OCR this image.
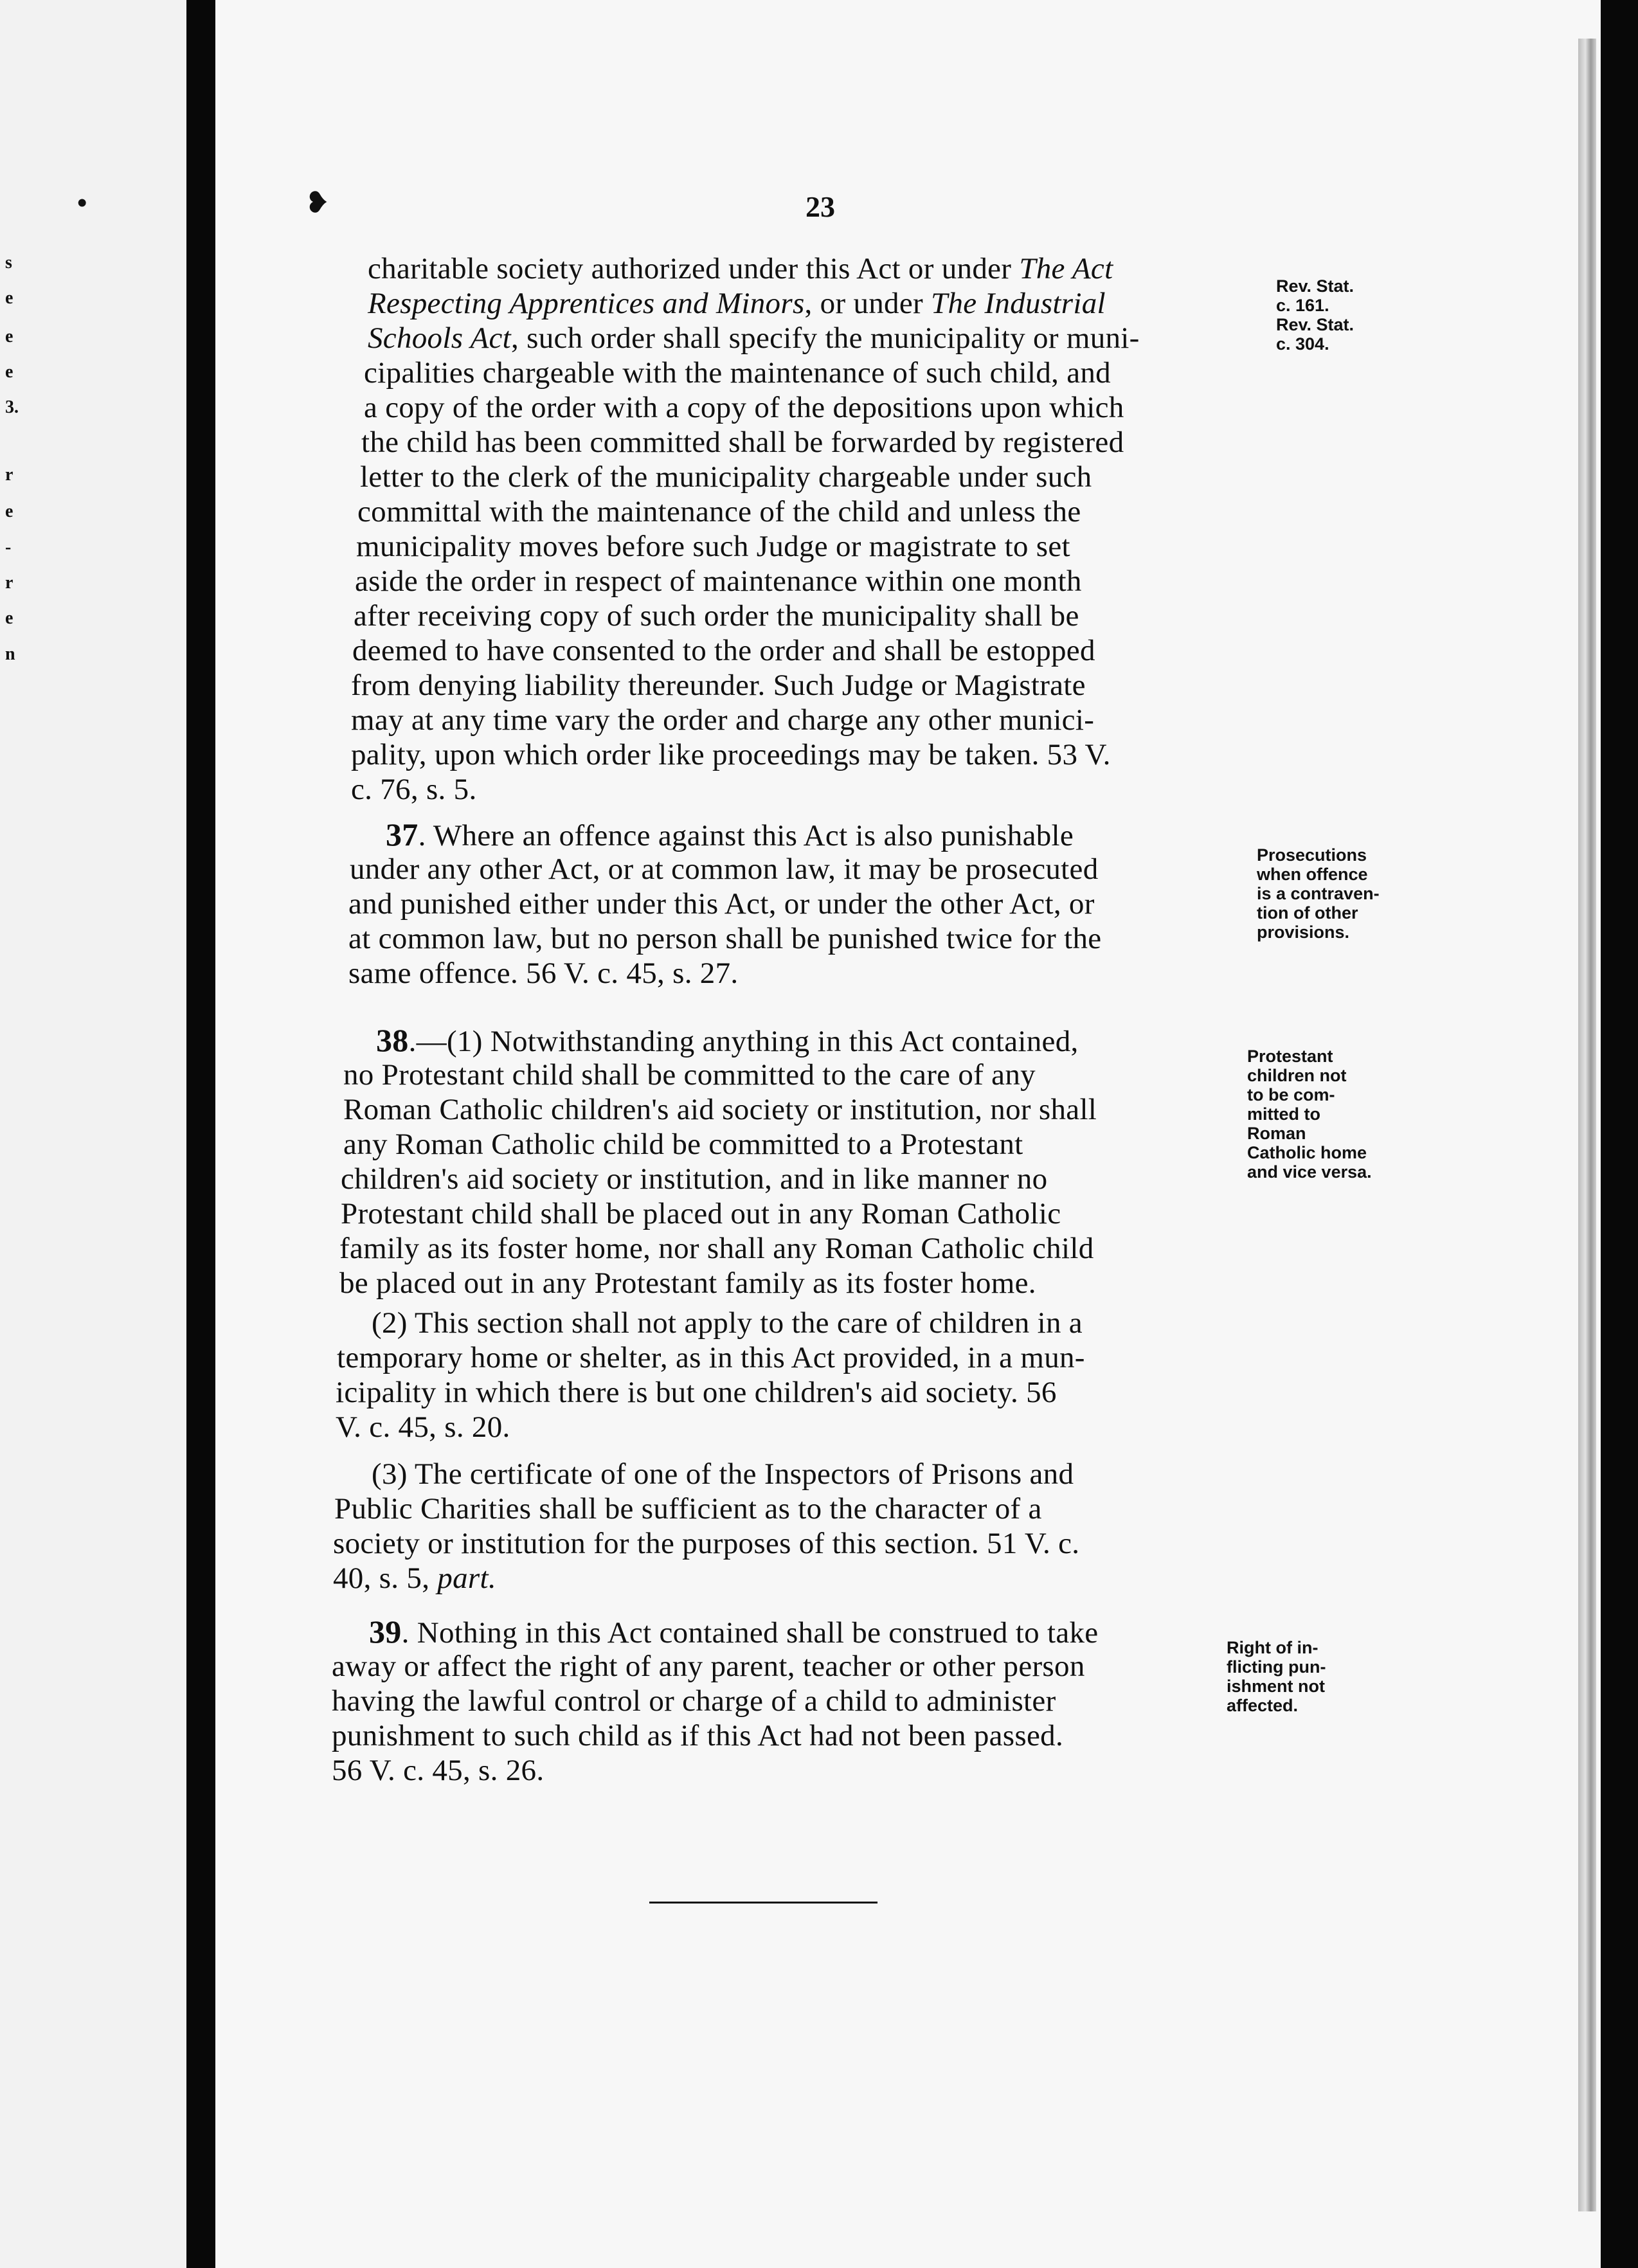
s
e
e
e
3.
r
e
-
r
e
n
•	❥	23
charitable society authorized under this Act or under The Act
Respecting Apprentices and Minors, or under The Industrial
Schools Act, such order shall specify the municipality or muni-
cipalities chargeable with the maintenance of such child, and
a copy of the order with a copy of the depositions upon which
the child has been committed shall be forwarded by registered
letter to the clerk of the municipality chargeable under such
committal with the maintenance of the child and unless the
municipality moves before such Judge or magistrate to set
aside the order in respect of maintenance within one month
after receiving copy of such order the municipality shall be
deemed to have consented to the order and shall be estopped
from denying liability thereunder. Such Judge or Magistrate
may at any time vary the order and charge any other munici-
pality, upon which order like proceedings may be taken. 53 V.
c. 76, s. 5.
Rev. Stat.
c. 161.
Rev. Stat.
c. 304.
37. Where an offence against this Act is also punishable
under any other Act, or at common law, it may be prosecuted
and punished either under this Act, or under the other Act, or
at common law, but no person shall be punished twice for the
same offence. 56 V. c. 45, s. 27.
Prosecutions
when offence
is a contraven-
tion of other
provisions.
38.—(1) Notwithstanding anything in this Act contained,
no Protestant child shall be committed to the care of any
Roman Catholic children's aid society or institution, nor shall
any Roman Catholic child be committed to a Protestant
children's aid society or institution, and in like manner no
Protestant child shall be placed out in any Roman Catholic
family as its foster home, nor shall any Roman Catholic child
be placed out in any Protestant family as its foster home.
(2) This section shall not apply to the care of children in a
temporary home or shelter, as in this Act provided, in a mun-
icipality in which there is but one children's aid society. 56
V. c. 45, s. 20.
(3) The certificate of one of the Inspectors of Prisons and
Public Charities shall be sufficient as to the character of a
society or institution for the purposes of this section. 51 V. c.
40, s. 5, part.
Protestant
children not
to be com-
mitted to
Roman
Catholic home
and vice versa.
39. Nothing in this Act contained shall be construed to take
away or affect the right of any parent, teacher or other person
having the lawful control or charge of a child to administer
punishment to such child as if this Act had not been passed.
56 V. c. 45, s. 26.
Right of in-
flicting pun-
ishment not
affected.
